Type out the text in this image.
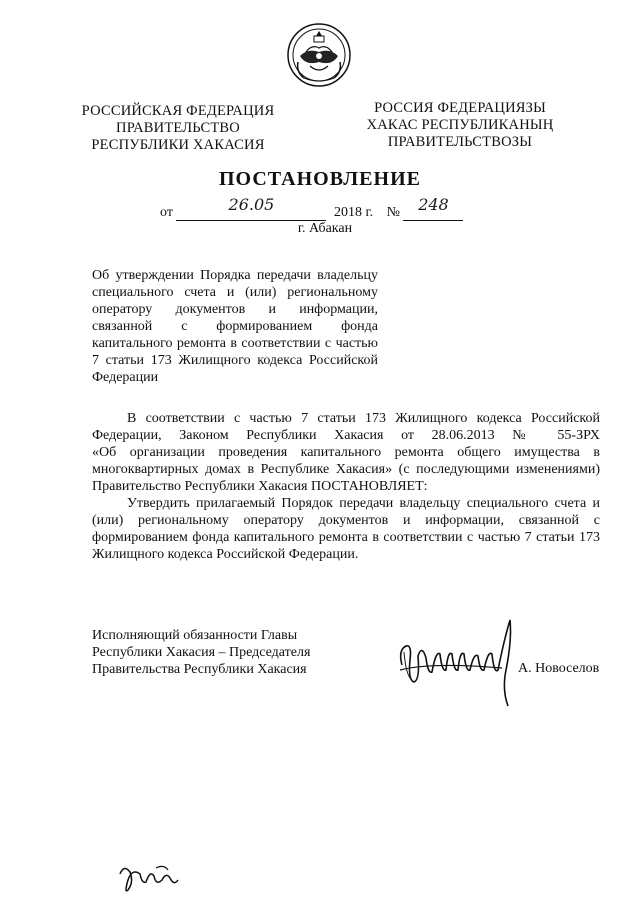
РОССИЙСКАЯ ФЕДЕРАЦИЯ
ПРАВИТЕЛЬСТВО
РЕСПУБЛИКИ ХАКАСИЯ
РОССИЯ ФЕДЕРАЦИЯЗЫ
ХАКАС РЕСПУБЛИКАНЫҢ
ПРАВИТЕЛЬСТВОЗЫ
ПОСТАНОВЛЕНИЕ
от	26.05	2018 г. №	248
г. Абакан
Об утверждении Порядка передачи владельцу
специального счета и (или) региональному
оператору документов и информации,
связанной с формированием фонда
капитального ремонта в соответствии с частью
7 статьи 173 Жилищного кодекса Российской
Федерации
В соответствии с частью 7 статьи 173 Жилищного кодекса Российской
Федерации, Законом Республики Хакасия от 28.06.2013 № 55-ЗРХ
«Об организации проведения капитального ремонта общего имущества в
многоквартирных домах в Республике Хакасия» (с последующими изменениями)
Правительство Республики Хакасия ПОСТАНОВЛЯЕТ:
Утвердить прилагаемый Порядок передачи владельцу специального счета и
(или) региональному оператору документов и информации, связанной с
формированием фонда капитального ремонта в соответствии с частью 7 статьи 173
Жилищного кодекса Российской Федерации.
Исполняющий обязанности Главы
Республики Хакасия – Председателя
Правительства Республики Хакасия	А. Новоселов
